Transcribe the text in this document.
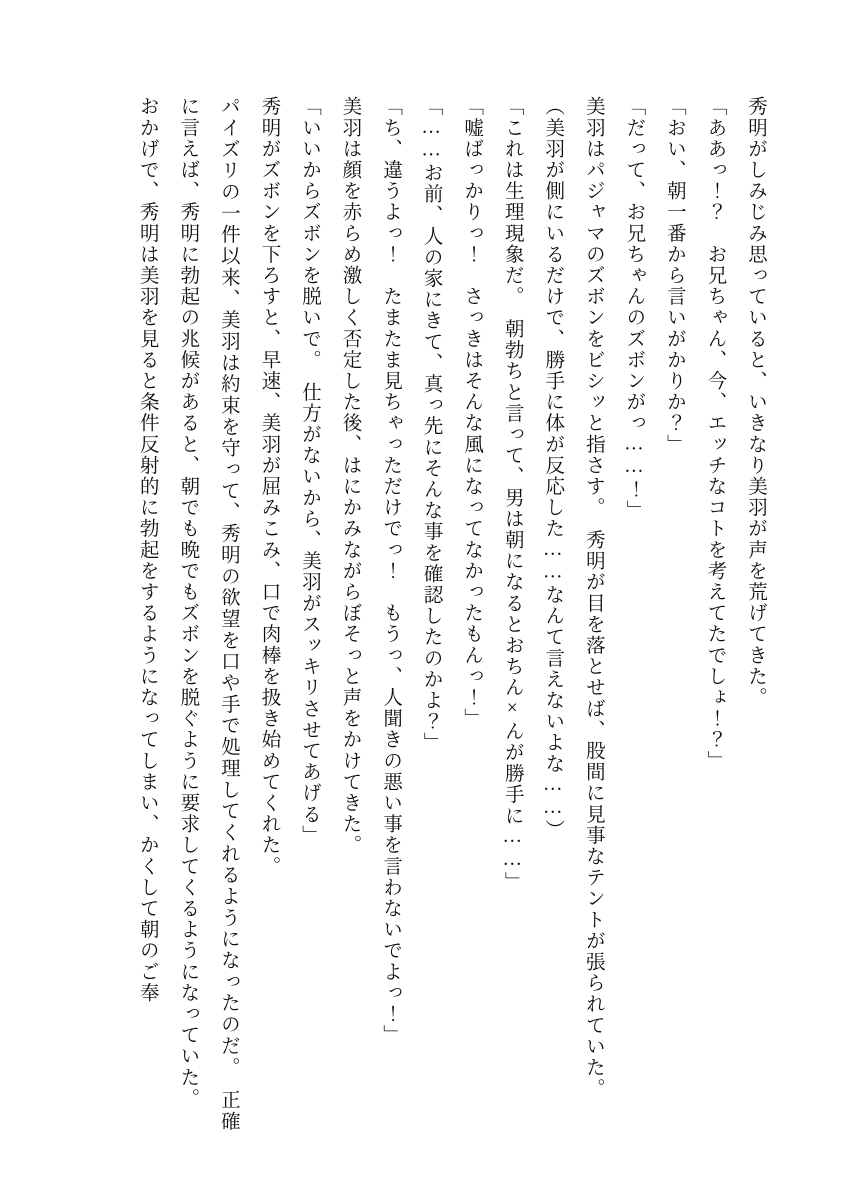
秀明がしみじみ思っていると、いきなり美羽が声を荒げてきた。

「ああっ！？　お兄ちゃん、今、エッチなコトを考えてたでしょ！？」

「おい、朝一番から言いがかりか？」

「だって、お兄ちゃんのズボンがっ……！」

美羽はパジャマのズボンをビシッと指さす。　秀明が目を落とせば、股間に見事なテントが張られていた。

（美羽が側にいるだけで、勝手に体が反応した……なんて言えないよな……）

「これは生理現象だ。　朝勃ちと言って、男は朝になるとおちん×んが勝手に……」

「嘘ばっかりっ！　さっきはそんな風になってなかったもんっ！」

「……お前、人の家にきて、真っ先にそんな事を確認したのかよ？」

「ち、違うよっ！　たまたま見ちゃっただけでっ！　もうっ、人聞きの悪い事を言わないでよっ！」

美羽は顔を赤らめ激しく否定した後、はにかみながらぼそっと声をかけてきた。

「いいからズボンを脱いで。　仕方がないから、美羽がスッキリさせてあげる」

秀明がズボンを下ろすと、早速、美羽が屈みこみ、口で肉棒を扱き始めてくれた。

パイズリの一件以来、美羽は約束を守って、秀明の欲望を口や手で処理してくれるようになったのだ。　正確に言えば、秀明に勃起の兆候があると、朝でも晩でもズボンを脱ぐように要求してくるようになっていた。

おかげで、秀明は美羽を見ると条件反射的に勃起をするようになってしまい、かくして朝のご奉
